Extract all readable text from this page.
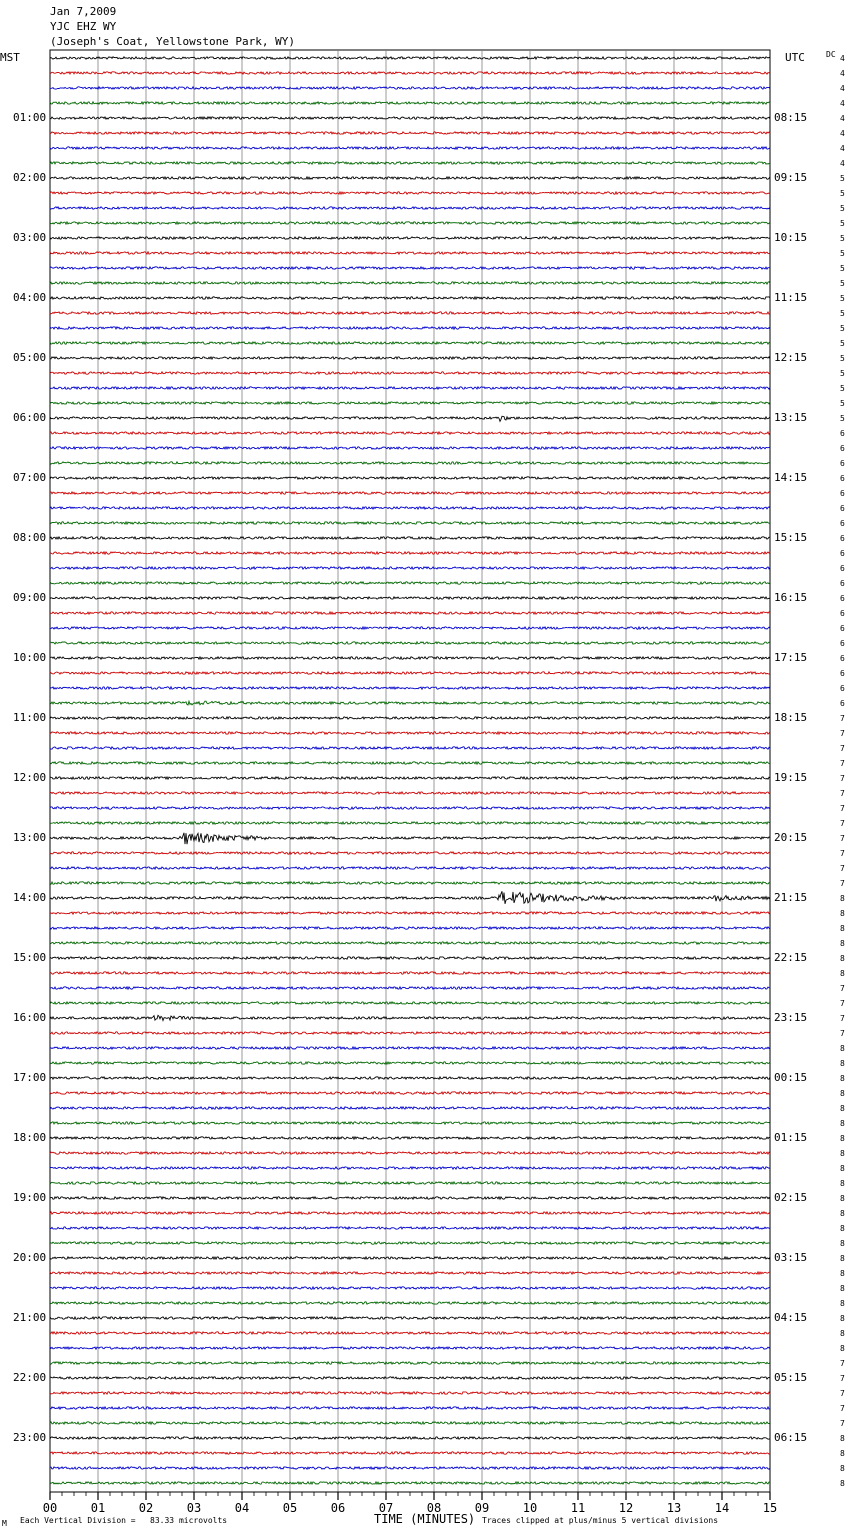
00	01	02	03	04	05	06	07	08	09	10	11	12	13	14	15
Jan 7,2009
YJC EHZ WY
(Joseph's Coat, Yellowstone Park, WY)
MST	UTC	DC
01:00
02:00
03:00
04:00
05:00
06:00
07:00
08:00
09:00
10:00
11:00
12:00
13:00
14:00
15:00
16:00
17:00
18:00
19:00
20:00
21:00
22:00
23:00
08:15
09:15
10:15
11:15
12:15
13:15
14:15
15:15
16:15
17:15
18:15
19:15
20:15
21:15
22:15
23:15
00:15
01:15
02:15
03:15
04:15
05:15
06:15
4
4
4
4
4
4
4
4
5
5
5
5
5
5
5
5
5
5
5
5
5
5
5
5
5
6
6
6
6
6
6
6
6
6
6
6
6
6
6
6
6
6
6
6
7
7
7
7
7
7
7
7
7
7
7
7
8
8
8
8
8
8
7
7
7
7
8
8
8
8
8
8
8
8
8
8
8
8
8
8
8
8
8
8
8
8
8
7
7
7
7
7
8
8
8
8
M Each Vertical Division =   83.33 microvolts	TIME (MINUTES) Traces clipped at plus/minus 5 vertical divisions
